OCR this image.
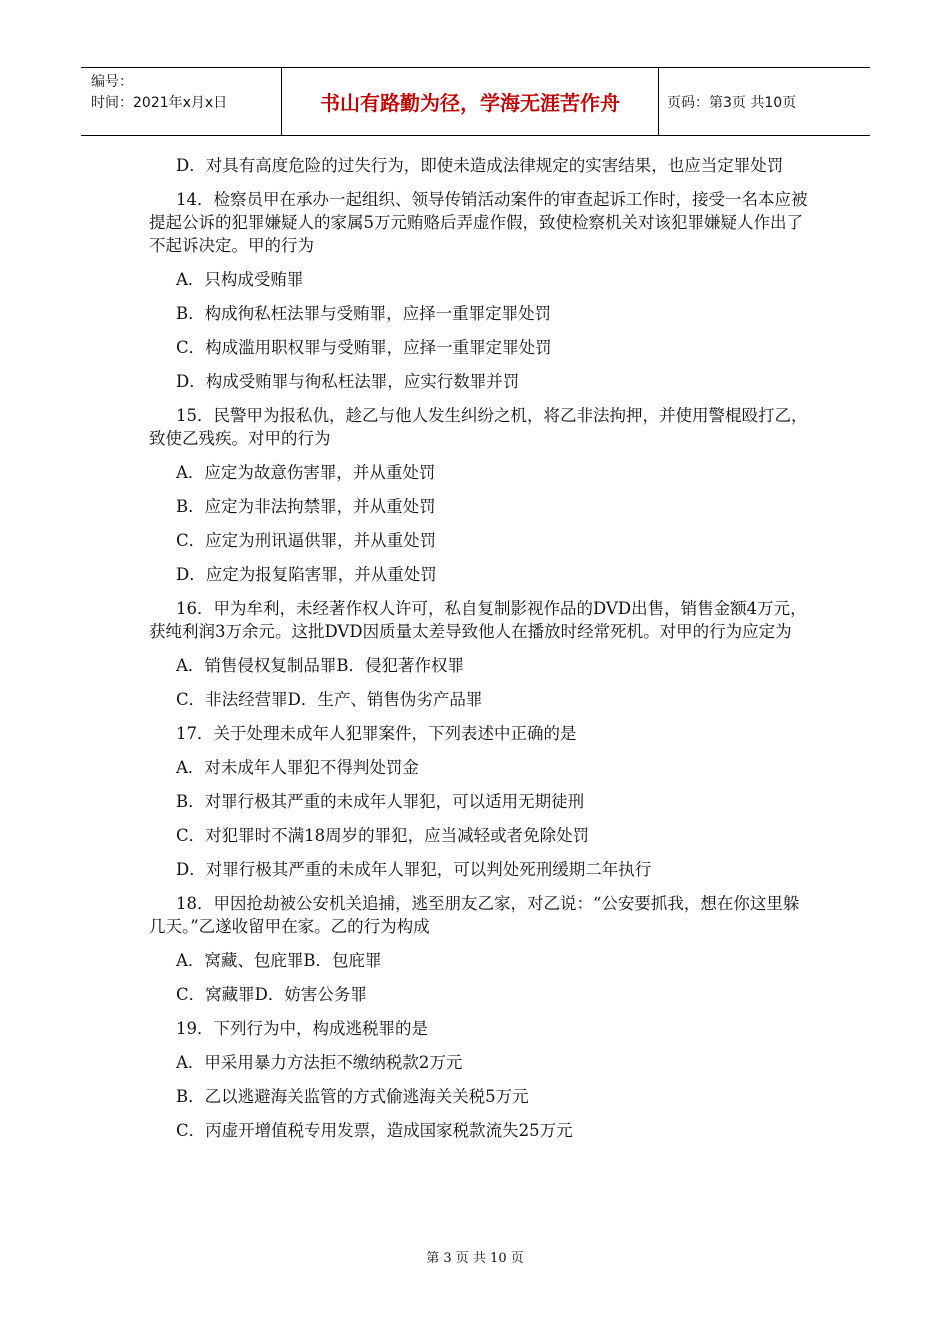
编号：
时间：2021年x月x日	书山有路勤为径，学海无涯苦作舟	页码：第3页 共10页

D．对具有高度危险的过失行为，即使未造成法律规定的实害结果，也应当定罪处罚

14．检察员甲在承办一起组织、领导传销活动案件的审查起诉工作时，接受一名本应被提起公诉的犯罪嫌疑人的家属5万元贿赂后弄虚作假，致使检察机关对该犯罪嫌疑人作出了不起诉决定。甲的行为

A．只构成受贿罪

B．构成徇私枉法罪与受贿罪，应择一重罪定罪处罚

C．构成滥用职权罪与受贿罪，应择一重罪定罪处罚

D．构成受贿罪与徇私枉法罪，应实行数罪并罚

15．民警甲为报私仇，趁乙与他人发生纠纷之机，将乙非法拘押，并使用警棍殴打乙，致使乙残疾。对甲的行为

A．应定为故意伤害罪，并从重处罚

B．应定为非法拘禁罪，并从重处罚

C．应定为刑讯逼供罪，并从重处罚

D．应定为报复陷害罪，并从重处罚

16．甲为牟利，未经著作权人许可，私自复制影视作品的DVD出售，销售金额4万元，获纯利润3万余元。这批DVD因质量太差导致他人在播放时经常死机。对甲的行为应定为

A．销售侵权复制品罪B．侵犯著作权罪

C．非法经营罪D．生产、销售伪劣产品罪

17．关于处理未成年人犯罪案件，下列表述中正确的是

A．对未成年人罪犯不得判处罚金

B．对罪行极其严重的未成年人罪犯，可以适用无期徒刑

C．对犯罪时不满18周岁的罪犯，应当减轻或者免除处罚

D．对罪行极其严重的未成年人罪犯，可以判处死刑缓期二年执行

18．甲因抢劫被公安机关追捕，逃至朋友乙家，对乙说：“公安要抓我，想在你这里躲几天。”乙遂收留甲在家。乙的行为构成

A．窝藏、包庇罪B．包庇罪

C．窝藏罪D．妨害公务罪

19．下列行为中，构成逃税罪的是

A．甲采用暴力方法拒不缴纳税款2万元

B．乙以逃避海关监管的方式偷逃海关关税5万元

C．丙虚开增值税专用发票，造成国家税款流失25万元

第 3 页 共 10 页
